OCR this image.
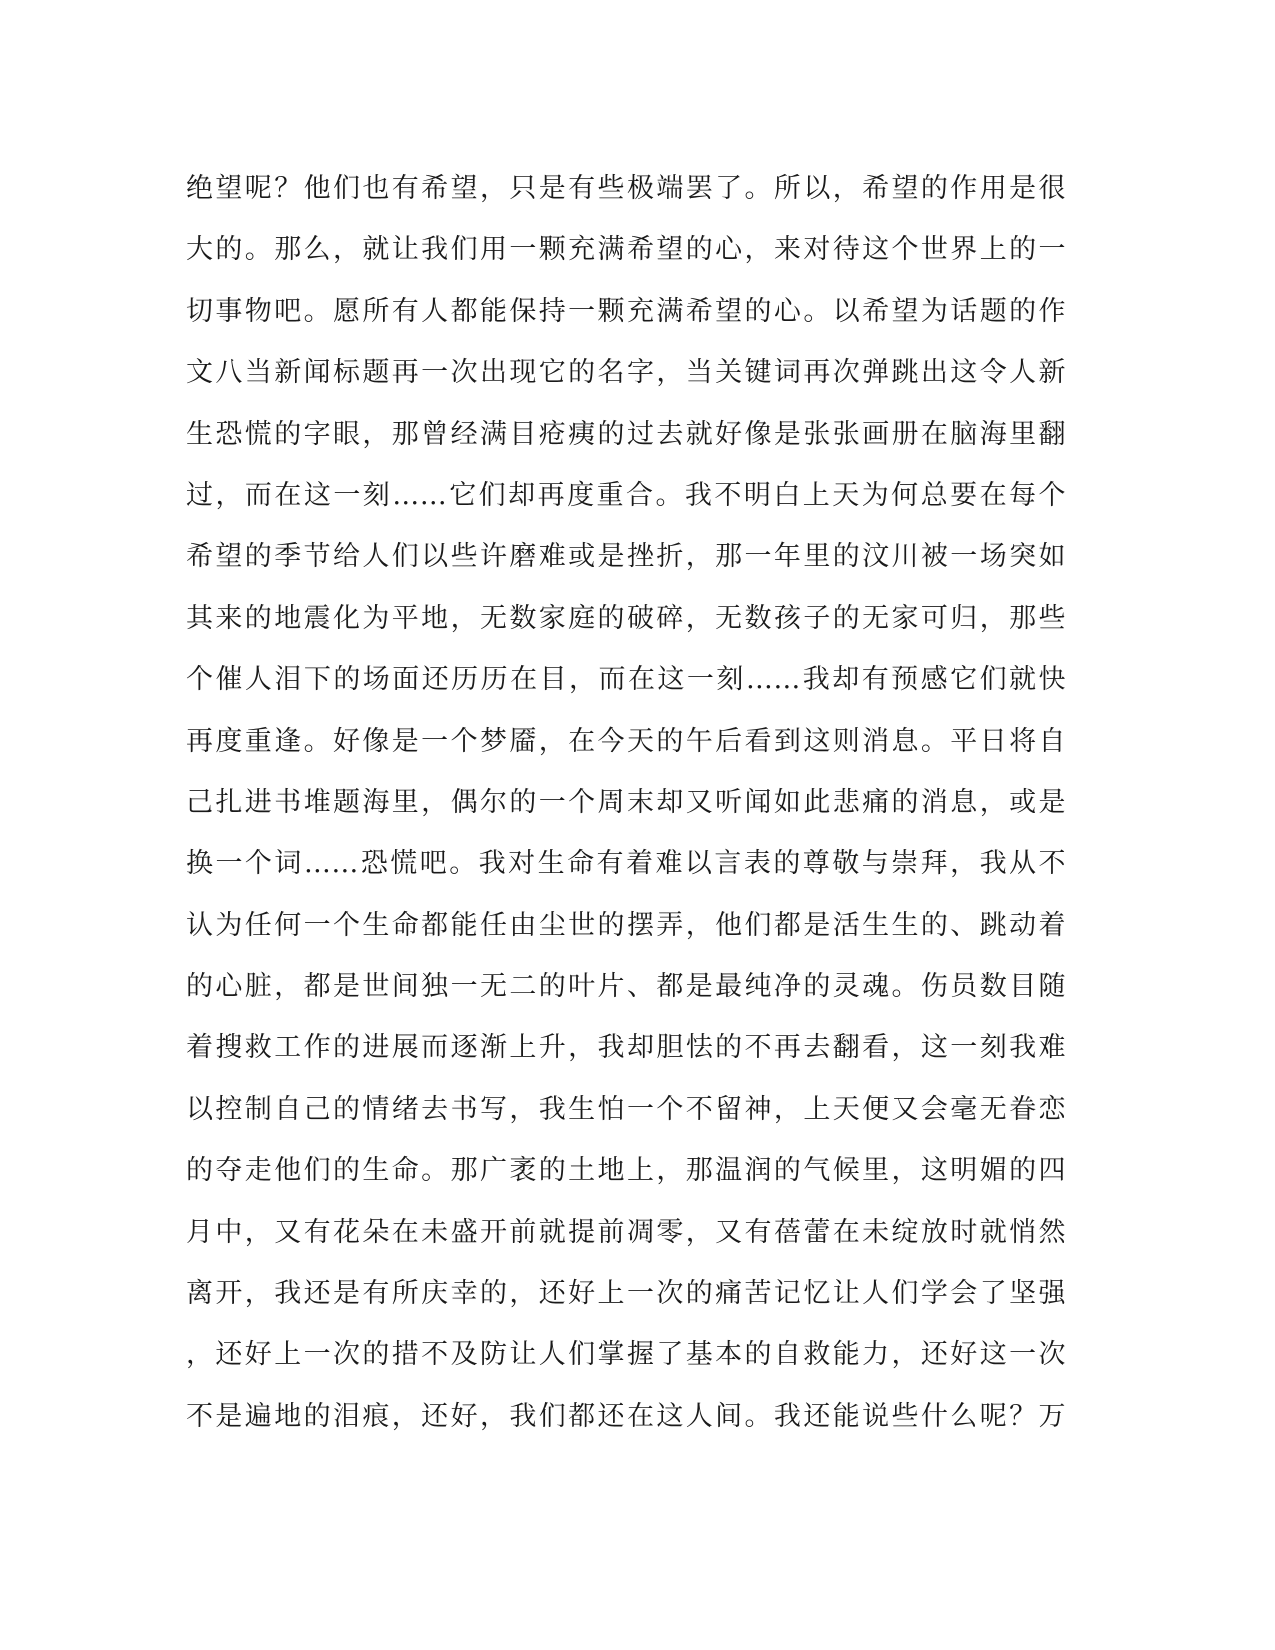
绝望呢？他们也有希望，只是有些极端罢了。所以，希望的作用是很
大的。那么，就让我们用一颗充满希望的心，来对待这个世界上的一
切事物吧。愿所有人都能保持一颗充满希望的心。以希望为话题的作
文八当新闻标题再一次出现它的名字，当关键词再次弹跳出这令人新
生恐慌的字眼，那曾经满目疮痍的过去就好像是张张画册在脑海里翻
过，而在这一刻……它们却再度重合。我不明白上天为何总要在每个
希望的季节给人们以些许磨难或是挫折，那一年里的汶川被一场突如
其来的地震化为平地，无数家庭的破碎，无数孩子的无家可归，那些
个催人泪下的场面还历历在目，而在这一刻……我却有预感它们就快
再度重逢。好像是一个梦靥，在今天的午后看到这则消息。平日将自
己扎进书堆题海里，偶尔的一个周末却又听闻如此悲痛的消息，或是
换一个词……恐慌吧。我对生命有着难以言表的尊敬与崇拜，我从不
认为任何一个生命都能任由尘世的摆弄，他们都是活生生的、跳动着
的心脏，都是世间独一无二的叶片、都是最纯净的灵魂。伤员数目随
着搜救工作的进展而逐渐上升，我却胆怯的不再去翻看，这一刻我难
以控制自己的情绪去书写，我生怕一个不留神，上天便又会毫无眷恋
的夺走他们的生命。那广袤的土地上，那温润的气候里，这明媚的四
月中，又有花朵在未盛开前就提前凋零，又有蓓蕾在未绽放时就悄然
离开，我还是有所庆幸的，还好上一次的痛苦记忆让人们学会了坚强
，还好上一次的措不及防让人们掌握了基本的自救能力，还好这一次
不是遍地的泪痕，还好，我们都还在这人间。我还能说些什么呢？万
